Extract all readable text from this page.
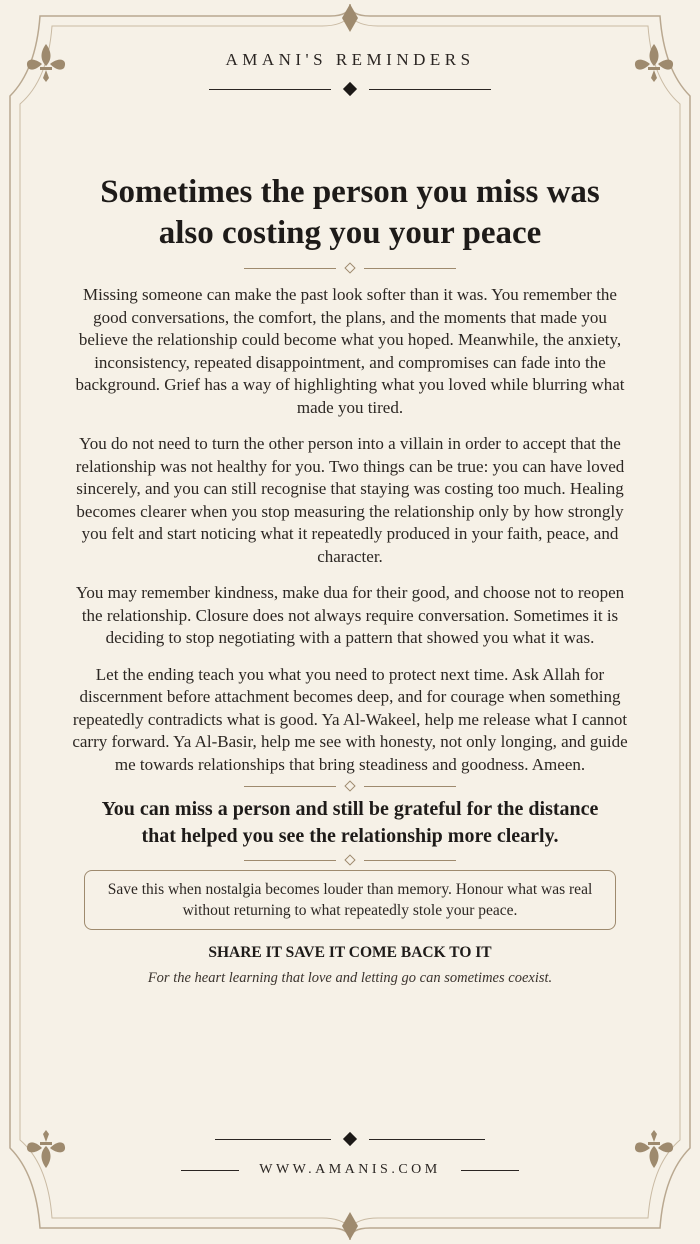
AMANI'S REMINDERS
Sometimes the person you miss was
also costing you your peace

Missing someone can make the past look softer than it was. You remember the good conversations, the comfort, the plans, and the moments that made you believe the relationship could become what you hoped. Meanwhile, the anxiety, inconsistency, repeated disappointment, and compromises can fade into the background. Grief has a way of highlighting what you loved while blurring what made you tired.

You do not need to turn the other person into a villain in order to accept that the relationship was not healthy for you. Two things can be true: you can have loved sincerely, and you can still recognise that staying was costing too much. Healing becomes clearer when you stop measuring the relationship only by how strongly you felt and start noticing what it repeatedly produced in your faith, peace, and character.

You may remember kindness, make dua for their good, and choose not to reopen the relationship. Closure does not always require conversation. Sometimes it is deciding to stop negotiating with a pattern that showed you what it was.

Let the ending teach you what you need to protect next time. Ask Allah for discernment before attachment becomes deep, and for courage when something repeatedly contradicts what is good. Ya Al-Wakeel, help me release what I cannot carry forward. Ya Al-Basir, help me see with honesty, not only longing, and guide me towards relationships that bring steadiness and goodness. Ameen.

You can miss a person and still be grateful for the distance
that helped you see the relationship more clearly.
Save this when nostalgia becomes louder than memory. Honour what was real without returning to what repeatedly stole your peace.
SHARE IT SAVE IT COME BACK TO IT
For the heart learning that love and letting go can sometimes coexist.
WWW.AMANIS.COM
